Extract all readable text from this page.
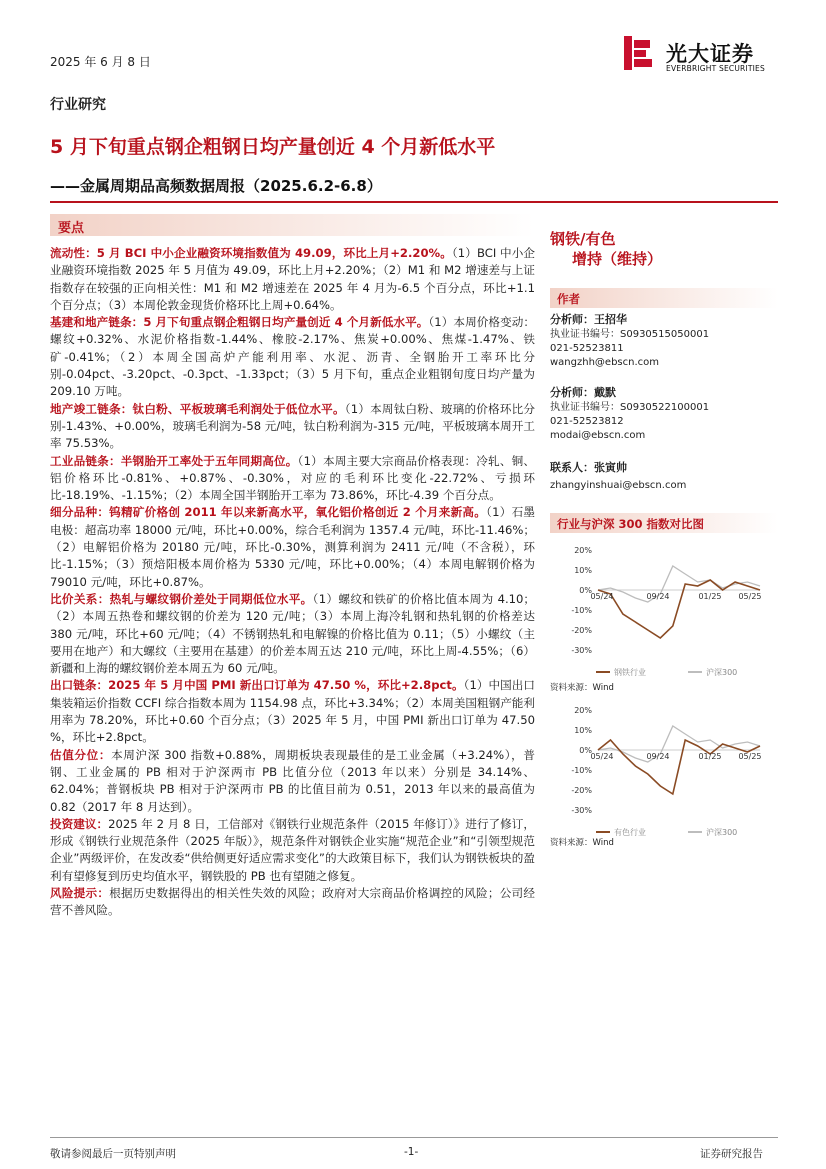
2025 年 6 月 8 日	光大证券
EVERBRIGHT SECURITIES
行业研究
5 月下旬重点钢企粗钢日均产量创近 4 个月新低水平
——金属周期品高频数据周报（2025.6.2-6.8）
要点

流动性：5 月 BCI 中小企业融资环境指数值为 49.09，环比上月+2.20%。（1）BCI 中小企业融资环境指数 2025 年 5 月值为 49.09，环比上月+2.20%；（2）M1 和 M2 增速差与上证指数存在较强的正向相关性：M1 和 M2 增速差在 2025 年 4 月为-6.5 个百分点，环比+1.1 个百分点；（3）本周伦敦金现货价格环比上周+0.64%。

基建和地产链条：5 月下旬重点钢企粗钢日均产量创近 4 个月新低水平。（1）本周价格变动：螺纹+0.32%、水泥价格指数-1.44%、橡胶-2.17%、焦炭+0.00%、焦煤-1.47%、铁矿-0.41%；（2）本周全国高炉产能利用率、水泥、沥青、全钢胎开工率环比分别-0.04pct、-3.20pct、-0.3pct、-1.33pct；（3）5 月下旬，重点企业粗钢旬度日均产量为 209.10 万吨。

地产竣工链条：钛白粉、平板玻璃毛利润处于低位水平。（1）本周钛白粉、玻璃的价格环比分别-1.43%、+0.00%，玻璃毛利润为-58 元/吨，钛白粉利润为-315 元/吨，平板玻璃本周开工率 75.53%。

工业品链条：半钢胎开工率处于五年同期高位。（1）本周主要大宗商品价格表现：冷轧、铜、铝价格环比-0.81%、+0.87%、-0.30%，对应的毛利环比变化-22.72%、亏损环比-18.19%、-1.15%；（2）本周全国半钢胎开工率为 73.86%，环比-4.39 个百分点。

细分品种：钨精矿价格创 2011 年以来新高水平，氧化铝价格创近 2 个月来新高。（1）石墨电极：超高功率 18000 元/吨，环比+0.00%，综合毛利润为 1357.4 元/吨，环比-11.46%；（2）电解铝价格为 20180 元/吨，环比-0.30%，测算利润为 2411 元/吨（不含税），环比-1.15%；（3）预焙阳极本周价格为 5330 元/吨，环比+0.00%；（4）本周电解钢价格为 79010 元/吨，环比+0.87%。

比价关系：热轧与螺纹钢价差处于同期低位水平。（1）螺纹和铁矿的价格比值本周为 4.10；（2）本周五热卷和螺纹钢的价差为 120 元/吨；（3）本周上海冷轧钢和热轧钢的价格差达 380 元/吨，环比+60 元/吨；（4）不锈钢热轧和电解镍的价格比值为 0.11；（5）小螺纹（主要用在地产）和大螺纹（主要用在基建）的价差本周五达 210 元/吨，环比上周-4.55%；（6）新疆和上海的螺纹钢价差本周五为 60 元/吨。

出口链条：2025 年 5 月中国 PMI 新出口订单为 47.50 %，环比+2.8pct。（1）中国出口集装箱运价指数 CCFI 综合指数本周为 1154.98 点，环比+3.34%；（2）本周美国粗钢产能利用率为 78.20%，环比+0.60 个百分点；（3）2025 年 5 月，中国 PMI 新出口订单为 47.50 %，环比+2.8pct。

估值分位：本周沪深 300 指数+0.88%，周期板块表现最佳的是工业金属（+3.24%），普钢、工业金属的 PB 相对于沪深两市 PB 比值分位（2013 年以来）分别是 34.14%、62.04%；普钢板块 PB 相对于沪深两市 PB 的比值目前为 0.51，2013 年以来的最高值为 0.82（2017 年 8 月达到）。

投资建议：2025 年 2 月 8 日，工信部对《钢铁行业规范条件（2015 年修订）》进行了修订，形成《钢铁行业规范条件（2025 年版）》，规范条件对钢铁企业实施“规范企业”和“引领型规范企业”两级评价，在发改委“供给侧更好适应需求变化”的大政策目标下，我们认为钢铁板块的盈利有望修复到历史均值水平，钢铁股的 PB 也有望随之修复。

风险提示：根据历史数据得出的相关性失效的风险；政府对大宗商品价格调控的风险；公司经营不善风险。

钢铁/有色
增持（维持）
作者
分析师：王招华
执业证书编号：S0930515050001
021-52523811
wangzhh@ebscn.com
分析师：戴默
执业证书编号：S0930522100001
021-52523812
modai@ebscn.com
联系人：张寅帅
zhangyinshuai@ebscn.com
行业与沪深 300 指数对比图
20%
10%
0%
-10%
-20%
-30%
05/24	09/24	01/25 05/25
钢铁行业	沪深300
资料来源：Wind
20%
10%
0%
-10%
-20%
-30%
05/24	09/24	01/25 05/25
有色行业	沪深300
资料来源：Wind
敬请参阅最后一页特别声明	-1-	证券研究报告
